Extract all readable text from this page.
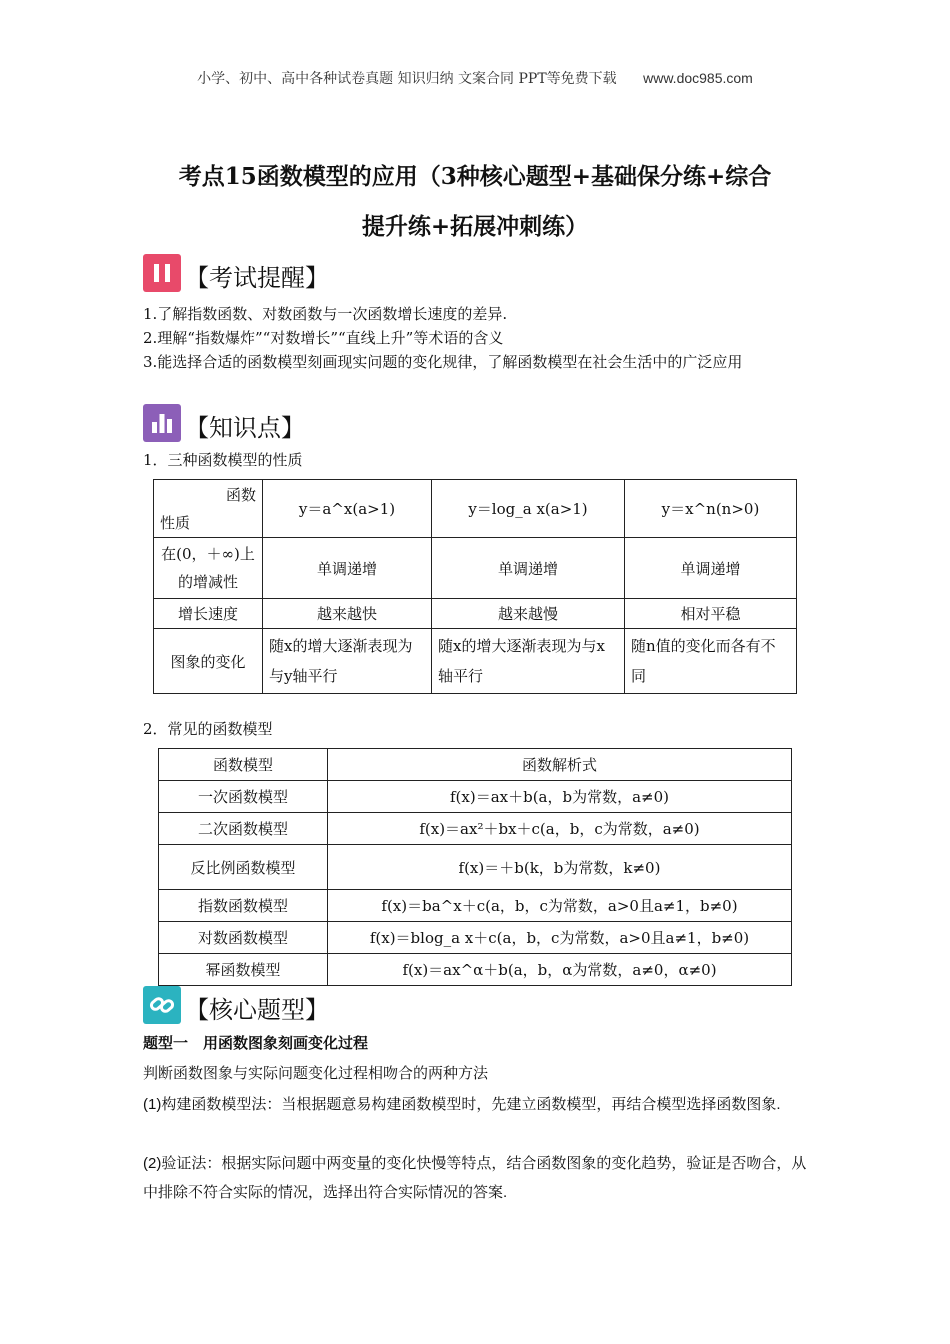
小学、初中、高中各种试卷真题 知识归纳 文案合同 PPT等免费下载 www.doc985.com
考点15函数模型的应用（3种核心题型+基础保分练+综合
提升练+拓展冲刺练）
【考试提醒】
1.了解指数函数、对数函数与一次函数增长速度的差异.
2.理解“指数爆炸”“对数增长”“直线上升”等术语的含义
3.能选择合适的函数模型刻画现实问题的变化规律，了解函数模型在社会生活中的广泛应用
【知识点】
1．三种函数模型的性质
函数
性质	y＝a^x(a>1)	y＝log_a x(a>1)	y＝x^n(n>0)
在(0，＋∞)上的增减性	单调递增	单调递增	单调递增
增长速度	越来越快	越来越慢	相对平稳
图象的变化	随x的增大逐渐表现为与y轴平行	随x的增大逐渐表现为与x轴平行	随n值的变化而各有不同
2．常见的函数模型
函数模型	函数解析式
一次函数模型	f(x)＝ax＋b(a，b为常数，a≠0)
二次函数模型	f(x)＝ax²＋bx＋c(a，b，c为常数，a≠0)
反比例函数模型	f(x)＝＋b(k，b为常数，k≠0)
指数函数模型	f(x)＝ba^x＋c(a，b，c为常数，a>0且a≠1，b≠0)
对数函数模型	f(x)＝blog_a x＋c(a，b，c为常数，a>0且a≠1，b≠0)
幂函数模型	f(x)＝ax^α＋b(a，b，α为常数，a≠0，α≠0)
【核心题型】
题型一　用函数图象刻画变化过程
判断函数图象与实际问题变化过程相吻合的两种方法
(1)构建函数模型法：当根据题意易构建函数模型时，先建立函数模型，再结合模型选择函数图象.
(2)验证法：根据实际问题中两变量的变化快慢等特点，结合函数图象的变化趋势，验证是否吻合，从中排除不符合实际的情况，选择出符合实际情况的答案.
